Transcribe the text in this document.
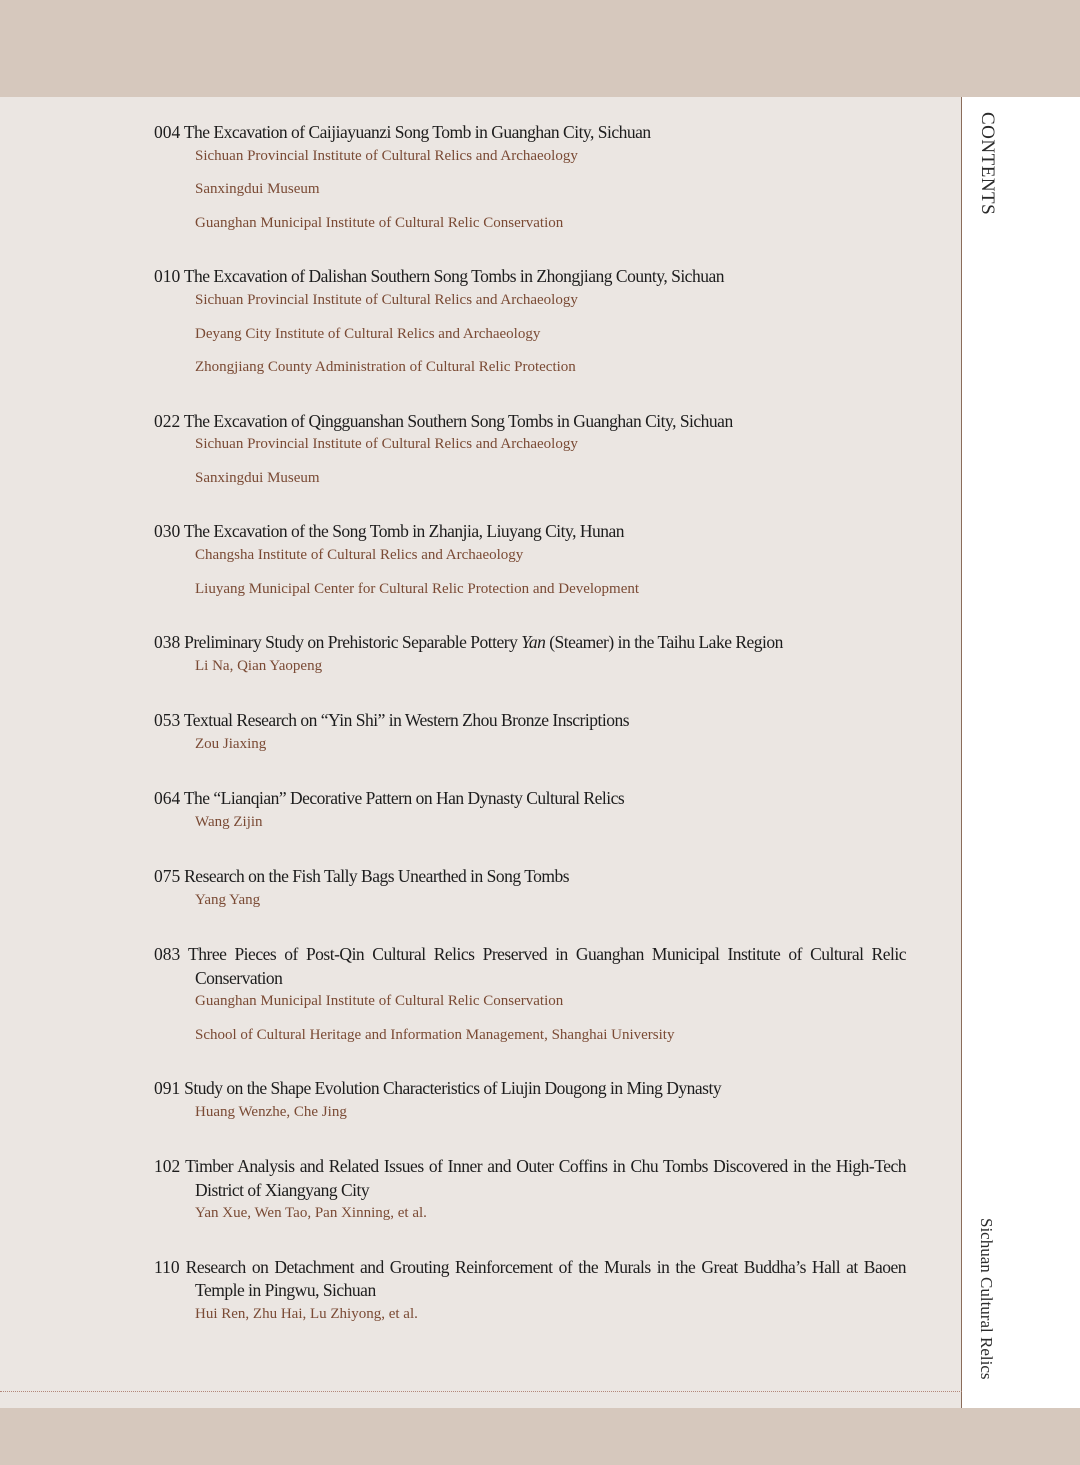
CONTENTS
Sichuan Cultural Relics
004 The Excavation of Caijiayuanzi Song Tomb in Guanghan City, Sichuan
Sichuan Provincial Institute of Cultural Relics and Archaeology
Sanxingdui Museum
Guanghan Municipal Institute of Cultural Relic Conservation
010 The Excavation of Dalishan Southern Song Tombs in Zhongjiang County, Sichuan
Sichuan Provincial Institute of Cultural Relics and Archaeology
Deyang City Institute of Cultural Relics and Archaeology
Zhongjiang County Administration of Cultural Relic Protection
022 The Excavation of Qingguanshan Southern Song Tombs in Guanghan City, Sichuan
Sichuan Provincial Institute of Cultural Relics and Archaeology
Sanxingdui Museum
030 The Excavation of the Song Tomb in Zhanjia, Liuyang City, Hunan
Changsha Institute of Cultural Relics and Archaeology
Liuyang Municipal Center for Cultural Relic Protection and Development
038 Preliminary Study on Prehistoric Separable Pottery Yan (Steamer) in the Taihu Lake Region
Li Na, Qian Yaopeng
053 Textual Research on “Yin Shi” in Western Zhou Bronze Inscriptions
Zou Jiaxing
064 The “Lianqian” Decorative Pattern on Han Dynasty Cultural Relics
Wang Zijin
075 Research on the Fish Tally Bags Unearthed in Song Tombs
Yang Yang
083 Three Pieces of Post-Qin Cultural Relics Preserved in Guanghan Municipal Institute of Cultural Relic Conservation
Guanghan Municipal Institute of Cultural Relic Conservation
School of Cultural Heritage and Information Management, Shanghai University
091 Study on the Shape Evolution Characteristics of Liujin Dougong in Ming Dynasty
Huang Wenzhe, Che Jing
102 Timber Analysis and Related Issues of Inner and Outer Coffins in Chu Tombs Discovered in the High-Tech District of Xiangyang City
Yan Xue, Wen Tao, Pan Xinning, et al.
110 Research on Detachment and Grouting Reinforcement of the Murals in the Great Buddha’s Hall at Baoen Temple in Pingwu, Sichuan
Hui Ren, Zhu Hai, Lu Zhiyong, et al.
